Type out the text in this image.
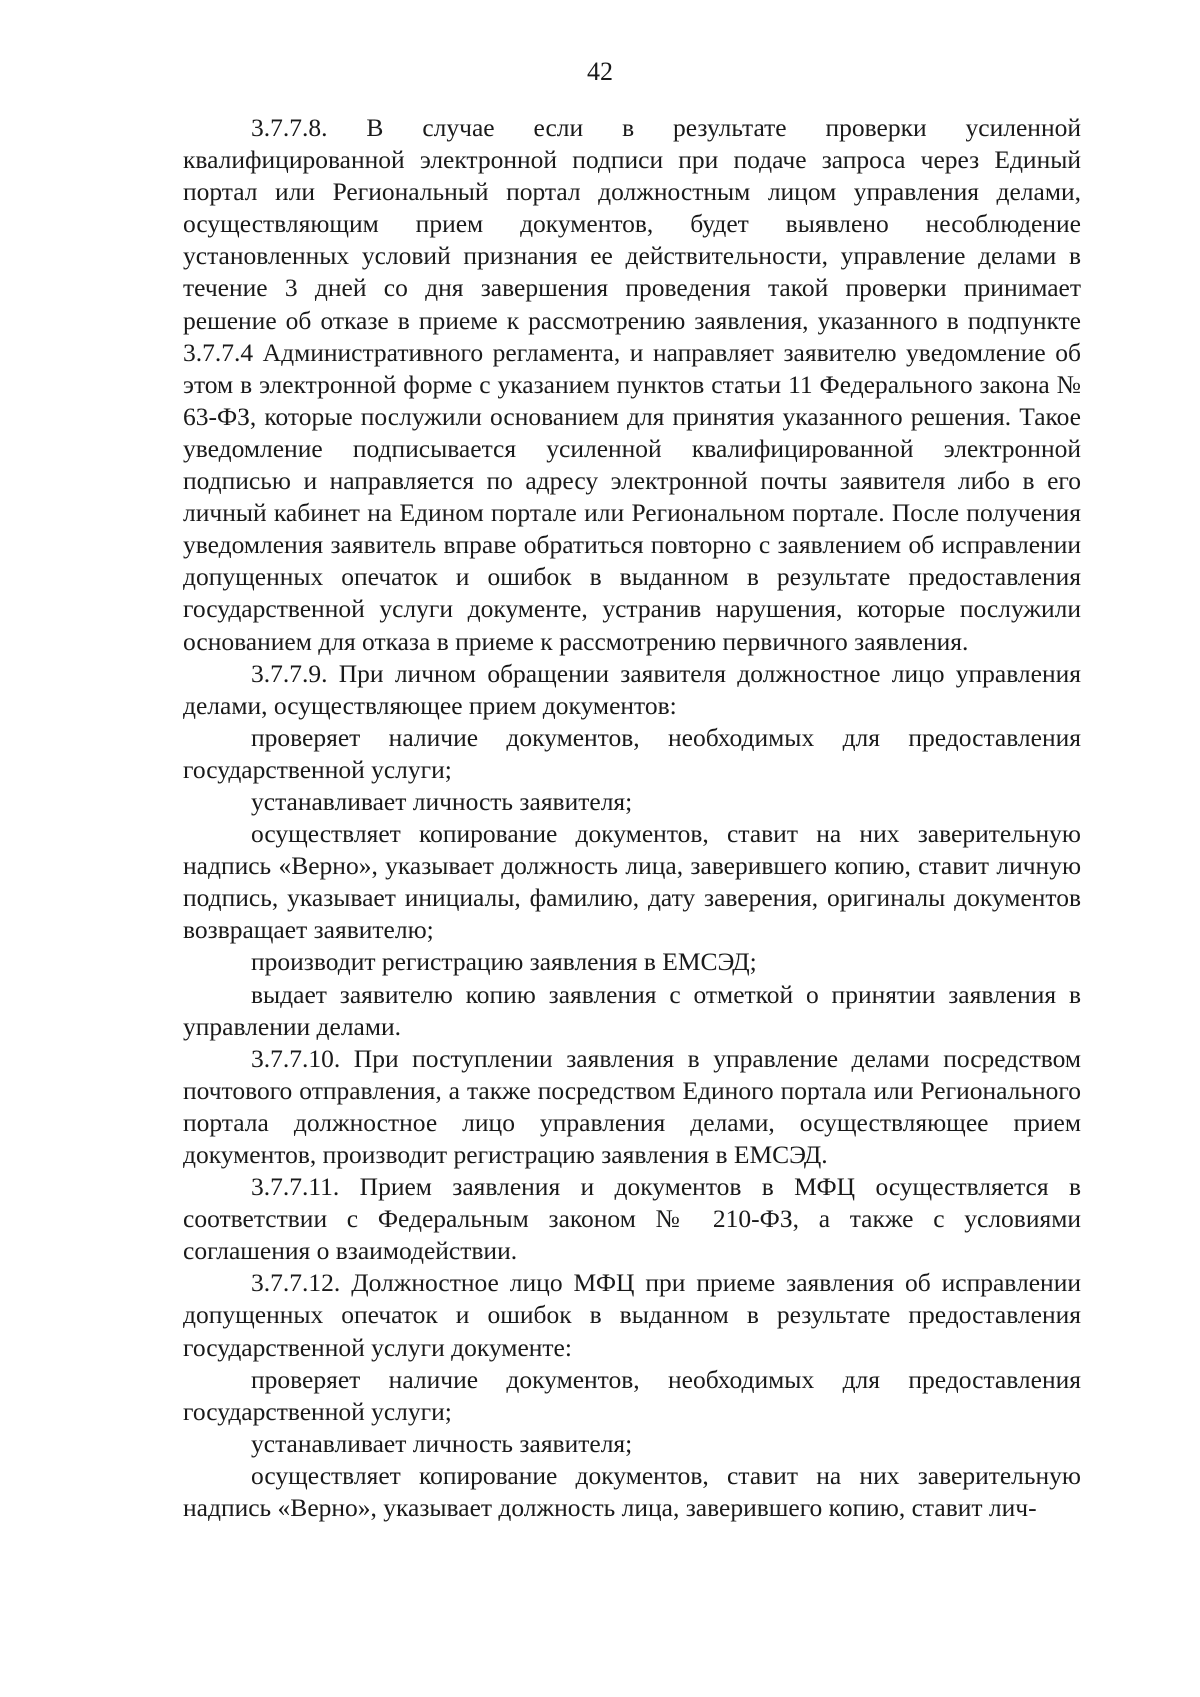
42

3.7.7.8. В случае если в результате проверки усиленной квалифицированной электронной подписи при подаче запроса через Единый портал или Региональный портал должностным лицом управления делами, осуществляющим прием документов, будет выявлено несоблюдение установленных условий признания ее действительности, управление делами в течение 3 дней со дня завершения проведения такой проверки принимает решение об отказе в приеме к рассмотрению заявления, указанного в подпункте 3.7.7.4 Административного регламента, и направляет заявителю уведомление об этом в электронной форме с указанием пунктов статьи 11 Федерального закона № 63-ФЗ, которые послужили основанием для принятия указанного решения. Такое уведомление подписывается усиленной квалифицированной электронной подписью и направляется по адресу электронной почты заявителя либо в его личный кабинет на Едином портале или Региональном портале. После получения уведомления заявитель вправе обратиться повторно с заявлением об исправлении допущенных опечаток и ошибок в выданном в результате предоставления государственной услуги документе, устранив нарушения, которые послужили основанием для отказа в приеме к рассмотрению первичного заявления.

3.7.7.9. При личном обращении заявителя должностное лицо управления делами, осуществляющее прием документов:

проверяет наличие документов, необходимых для предоставления государственной услуги;

устанавливает личность заявителя;

осуществляет копирование документов, ставит на них заверительную надпись «Верно», указывает должность лица, заверившего копию, ставит личную подпись, указывает инициалы, фамилию, дату заверения, оригиналы документов возвращает заявителю;

производит регистрацию заявления в ЕМСЭД;

выдает заявителю копию заявления с отметкой о принятии заявления в управлении делами.

3.7.7.10. При поступлении заявления в управление делами посредством почтового отправления, а также посредством Единого портала или Регионального портала должностное лицо управления делами, осуществляющее прием документов, производит регистрацию заявления в ЕМСЭД.

3.7.7.11. Прием заявления и документов в МФЦ осуществляется в соответствии с Федеральным законом № 210-ФЗ, а также с условиями соглашения о взаимодействии.

3.7.7.12. Должностное лицо МФЦ при приеме заявления об исправлении допущенных опечаток и ошибок в выданном в результате предоставления государственной услуги документе:

проверяет наличие документов, необходимых для предоставления государственной услуги;

устанавливает личность заявителя;

осуществляет копирование документов, ставит на них заверительную надпись «Верно», указывает должность лица, заверившего копию, ставит лич-
